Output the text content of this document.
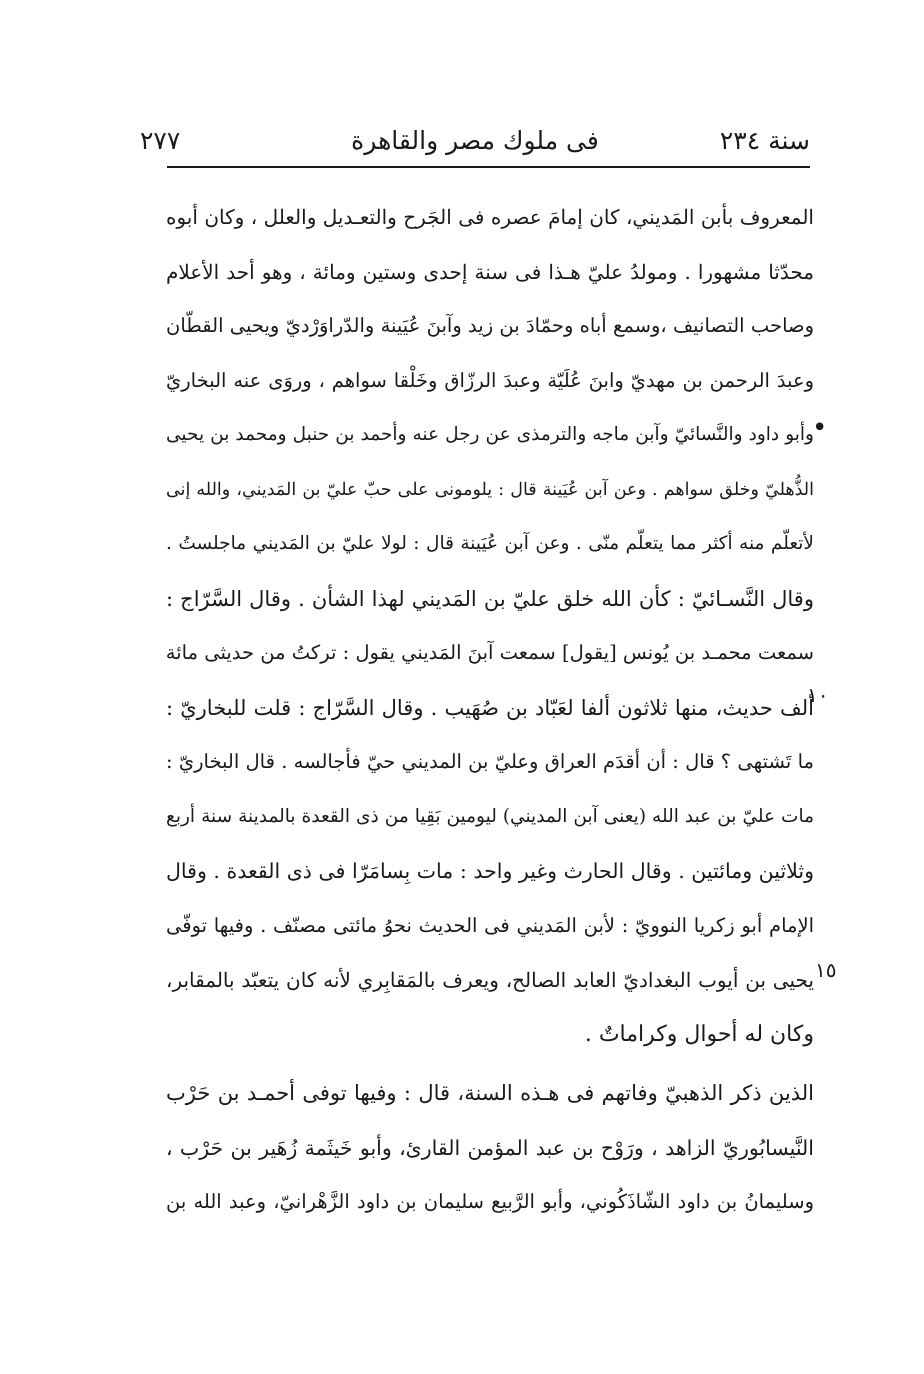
سنة ٢٣٤
فى ملوك مصر والقاهرة
٢٧٧
•
١٠
١٥
المعروف بأبن المَديني، كان إمامَ عصره فى الجَرح والتعـديل والعلل ، وكان أبوه
محدّثا مشهورا . ومولدُ عليّ هـذا فى سنة إحدى وستين ومائة ، وهو أحد الأعلام
وصاحب التصانيف ،وسمع أباه وحمّادَ بن زيد وآبنَ عُيَينة والدّراوَرْديّ ويحيى القطّان
وعبدَ الرحمن بن مهديّ وابنَ عُلَيّة وعبدَ الرزّاق وخَلْقا سواهم ، وروَى عنه البخاريّ
وأبو داود والنَّسائيّ وآبن ماجه والترمذى عن رجل عنه وأحمد بن حنبل ومحمد بن يحيى
الذُّهليّ وخلق سواهم . وعن آبن عُيَينة قال : يلومونى على حبّ عليّ بن المَديني، والله إنى
لأتعلّم منه أكثر مما يتعلّم منّى . وعن آبن عُيَينة قال : لولا عليّ بن المَديني ماجلستُ .
وقال النَّسـائيّ : كأن الله خلق عليّ بن المَديني لهذا الشأن . وقال السَّرّاج :
سمعت محمـد بن يُونس [يقول] سمعت آبنَ المَديني يقول : تركتُ من حديثى مائة
ألف حديث، منها ثلاثون ألفا لعَبّاد بن صُهَيب . وقال السَّرّاج : قلت للبخاريّ :
ما تَشتهى ؟ قال : أن أقدَم العراق وعليّ بن المديني حيّ فأجالسه . قال البخاريّ :
مات عليّ بن عبد الله (يعنى آبن المديني) ليومين بَقِيا من ذى القعدة بالمدينة سنة أربع
وثلاثين ومائتين . وقال الحارث وغير واحد : مات بِسامَرّا فى ذى القعدة . وقال
الإمام أبو زكريا النوويّ : لأبن المَديني فى الحديث نحوُ مائتى مصنّف . وفيها توفّى
يحيى بن أيوب البغداديّ العابد الصالح، ويعرف بالمَقابِري لأنه كان يتعبّد بالمقابر،
وكان له أحوال وكراماتٌ .
الذين ذكر الذهبيّ وفاتهم فى هـذه السنة، قال : وفيها توفى أحمـد بن حَرْب
النَّيسابُوريّ الزاهد ، ورَوْح بن عبد المؤمن القارئ، وأبو خَيثَمة زُهَير بن حَرْب ،
وسليمانُ بن داود الشّاذَكُوني، وأبو الرَّبيع سليمان بن داود الزَّهْرانيّ، وعبد الله بن
